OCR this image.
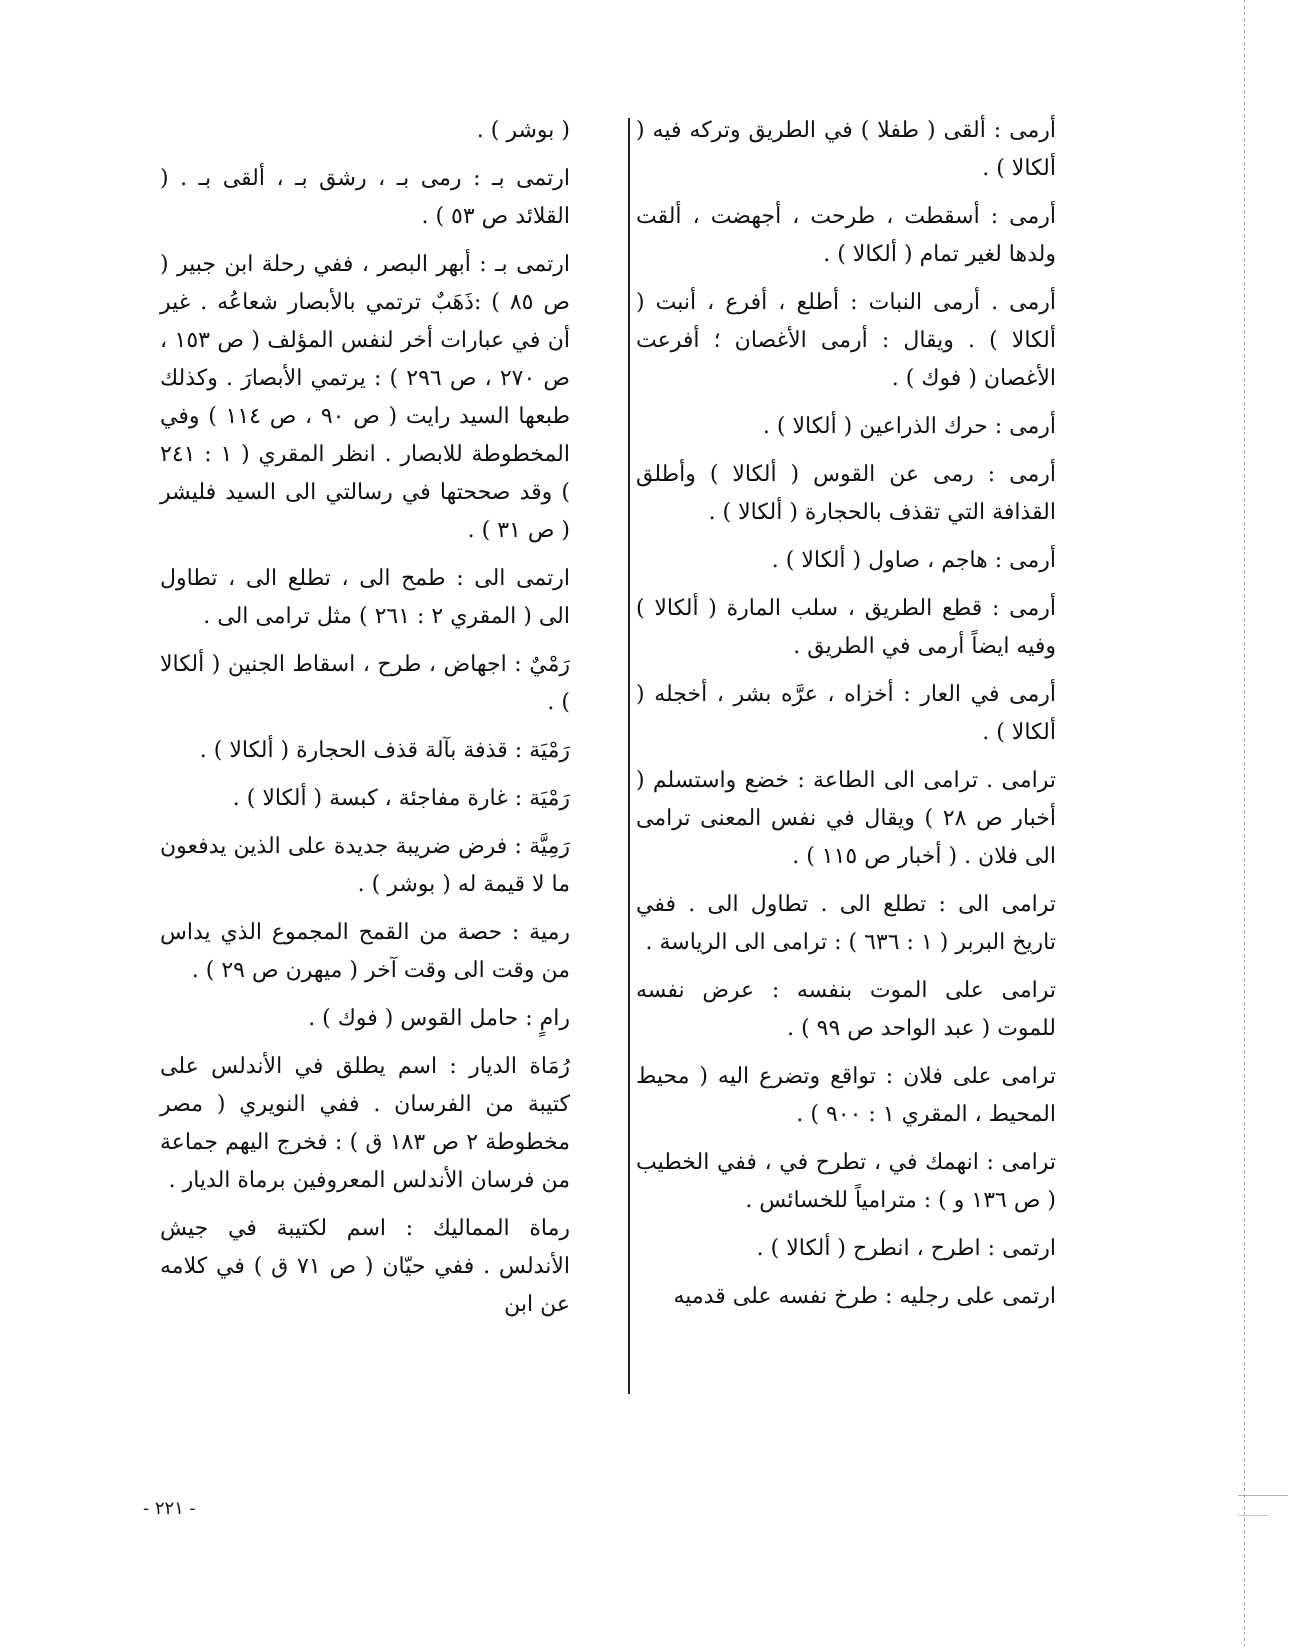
أرمى : ألقى ( طفلا ) في الطريق وتركه فيه ( ألكالا ) .

أرمى : أسقطت ، طرحت ، أجهضت ، ألقت ولدها لغير تمام ( ألكالا ) .

أرمى . أرمى النبات : أطلع ، أفرع ، أنبت ( ألكالا ) . ويقال : أرمى الأغصان ؛ أفرعت الأغصان ( فوك ) .

أرمى : حرك الذراعين ( ألكالا ) .

أرمى : رمى عن القوس ( ألكالا ) وأطلق القذافة التي تقذف بالحجارة ( ألكالا ) .

أرمى : هاجم ، صاول ( ألكالا ) .

أرمى : قطع الطريق ، سلب المارة ( ألكالا ) وفيه ايضاً أرمى في الطريق .

أرمى في العار : أخزاه ، عرَّه بشر ، أخجله ( ألكالا ) .

ترامى . ترامى الى الطاعة : خضع واستسلم ( أخبار ص ٢٨ ) ويقال في نفس المعنى ترامى الى فلان . ( أخبار ص ١١٥ ) .

ترامى الى : تطلع الى . تطاول الى . ففي تاريخ البربر ( ١ : ٦٣٦ ) : ترامى الى الرياسة .

ترامى على الموت بنفسه : عرض نفسه للموت ( عبد الواحد ص ٩٩ ) .

ترامى على فلان : تواقع وتضرع اليه ( محيط المحيط ، المقري ١ : ٩٠٠ ) .

ترامى : انهمك في ، تطرح في ، ففي الخطيب ( ص ١٣٦ و ) : مترامياً للخسائس .

ارتمى : اطرح ، انطرح ( ألكالا ) .

ارتمى على رجليه : طرخ نفسه على قدميه

( بوشر ) .

ارتمى بـ : رمى بـ ، رشق بـ ، ألقى بـ . ( القلائد ص ٥٣ ) .

ارتمى بـ : أبهر البصر ، ففي رحلة ابن جبير ( ص ٨٥ ) :ذَهَبٌ ترتمي بالأبصار شعاعُه . غير أن في عبارات أخر لنفس المؤلف ( ص ١٥٣ ، ص ٢٧٠ ، ص ٢٩٦ ) : يرتمي الأبصارَ . وكذلك طبعها السيد رايت ( ص ٩٠ ، ص ١١٤ ) وفي المخطوطة للابصار . انظر المقري ( ١ : ٢٤١ ) وقد صححتها في رسالتي الى السيد فليشر ( ص ٣١ ) .

ارتمى الى : طمح الى ، تطلع الى ، تطاول الى ( المقري ٢ : ٢٦١ ) مثل ترامى الى .

رَمْيٌ : اجهاض ، طرح ، اسقاط الجنين ( ألكالا ) .

رَمْيَة : قذفة بآلة قذف الحجارة ( ألكالا ) .

رَمْيَة : غارة مفاجئة ، كبسة ( ألكالا ) .

رَمِيَّة : فرض ضريبة جديدة على الذين يدفعون ما لا قيمة له ( بوشر ) .

رمية : حصة من القمح المجموع الذي يداس من وقت الى وقت آخر ( ميهرن ص ٢٩ ) .

رامٍ : حامل القوس ( فوك ) .

رُمَاة الديار : اسم يطلق في الأندلس على كتيبة من الفرسان . ففي النويري ( مصر مخطوطة ٢ ص ١٨٣ ق ) : فخرج اليهم جماعة من فرسان الأندلس المعروفين برماة الديار .

رماة المماليك : اسم لكتيبة في جيش الأندلس . ففي حيّان ( ص ٧١ ق ) في كلامه عن ابن

- ٢٢١ -
